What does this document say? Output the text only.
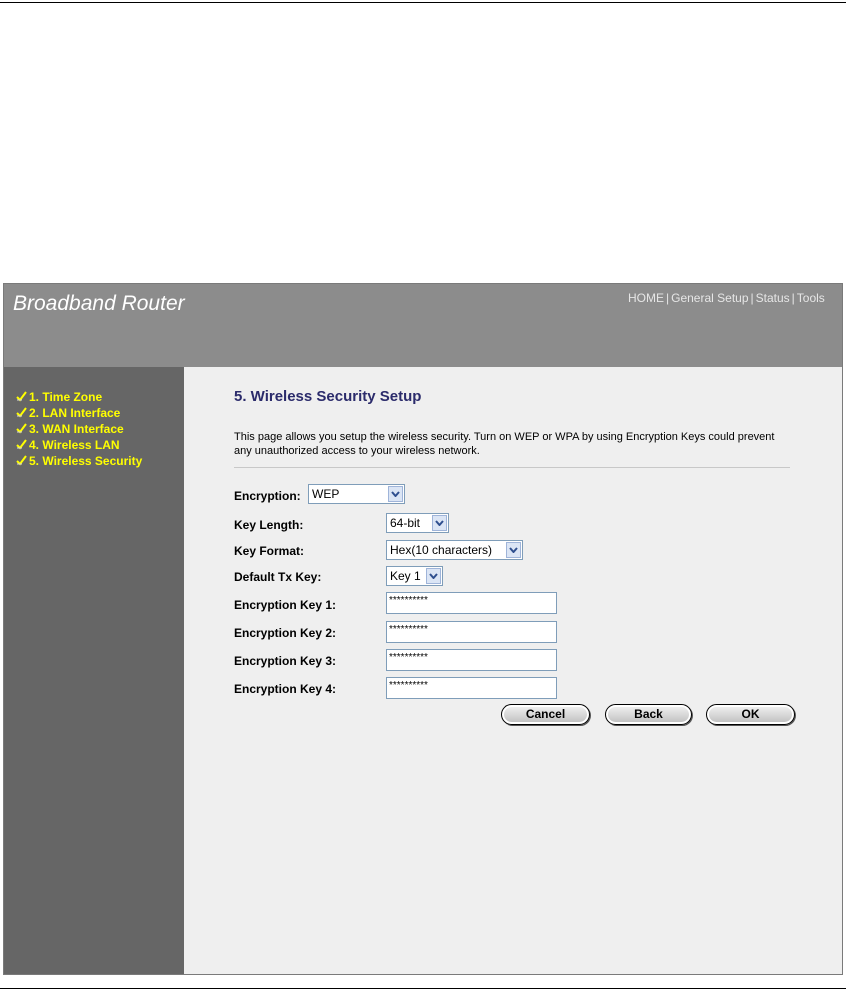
Broadband Router	HOME | General Setup | Status | Tools
1. Time Zone
2. LAN Interface
3. WAN Interface
4. Wireless LAN
5. Wireless Security
5. Wireless Security Setup
This page allows you setup the wireless security. Turn on WEP or WPA by using Encryption Keys could prevent any unauthorized access to your wireless network.
Encryption: WEP
Key Length:	64-bit
Key Format:	Hex(10 characters)
Default Tx Key:	Key 1
Encryption Key 1:	**********
Encryption Key 2:	**********
Encryption Key 3:	**********
Encryption Key 4:	**********
Cancel	Back	OK
